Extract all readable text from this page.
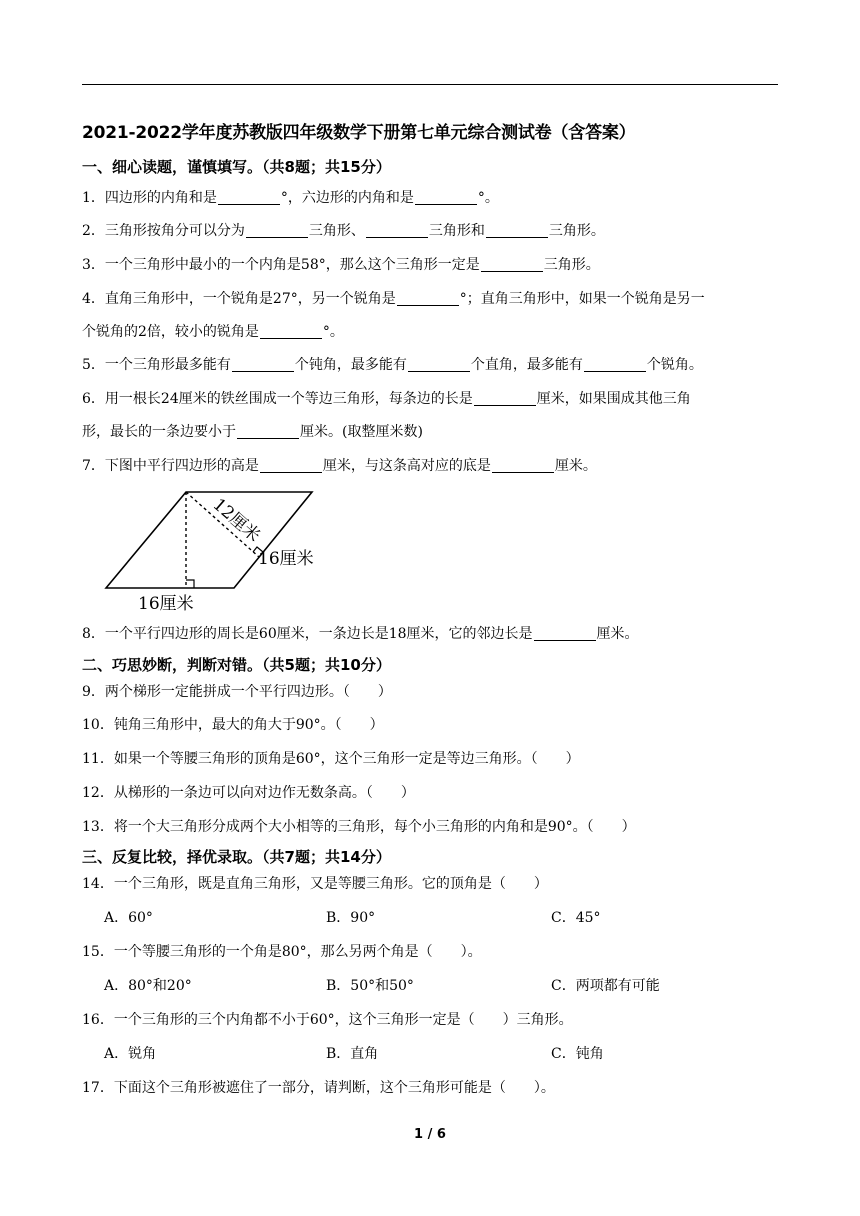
2021-2022学年度苏教版四年级数学下册第七单元综合测试卷（含答案）
一、细心读题，谨慎填写。（共8题；共15分）
1．四边形的内角和是	°，六边形的内角和是	°。
2．三角形按角分可以分为	三角形、	三角形和	三角形。
3．一个三角形中最小的一个内角是58°，那么这个三角形一定是	三角形。
4．直角三角形中，一个锐角是27°，另一个锐角是	°；直角三角形中，如果一个锐角是另一
个锐角的2倍，较小的锐角是	°。
5．一个三角形最多能有	个钝角，最多能有	个直角，最多能有	个锐角。
6．用一根长24厘米的铁丝围成一个等边三角形，每条边的长是	厘米，如果围成其他三角
形，最长的一条边要小于	厘米。(取整厘米数)
7．下图中平行四边形的高是	厘米，与这条高对应的底是	厘米。
12厘米
16厘米
16厘米
8．一个平行四边形的周长是60厘米，一条边长是18厘米，它的邻边长是	厘米。
二、巧思妙断，判断对错。（共5题；共10分）
9．两个梯形一定能拼成一个平行四边形。（　　）
10．钝角三角形中，最大的角大于90°。（　　）
11．如果一个等腰三角形的顶角是60°，这个三角形一定是等边三角形。（　　）
12．从梯形的一条边可以向对边作无数条高。（　　）
13．将一个大三角形分成两个大小相等的三角形，每个小三角形的内角和是90°。（　　）
三、反复比较，择优录取。（共7题；共14分）
14．一个三角形，既是直角三角形，又是等腰三角形。它的顶角是（　　）
A．60°	B．90°	C．45°
15．一个等腰三角形的一个角是80°，那么另两个角是（　　）。
A．80°和20°	B．50°和50°	C．两项都有可能
16．一个三角形的三个内角都不小于60°，这个三角形一定是（　　）三角形。
A．锐角	B．直角	C．钝角
17．下面这个三角形被遮住了一部分，请判断，这个三角形可能是（　　）。
1 / 6
